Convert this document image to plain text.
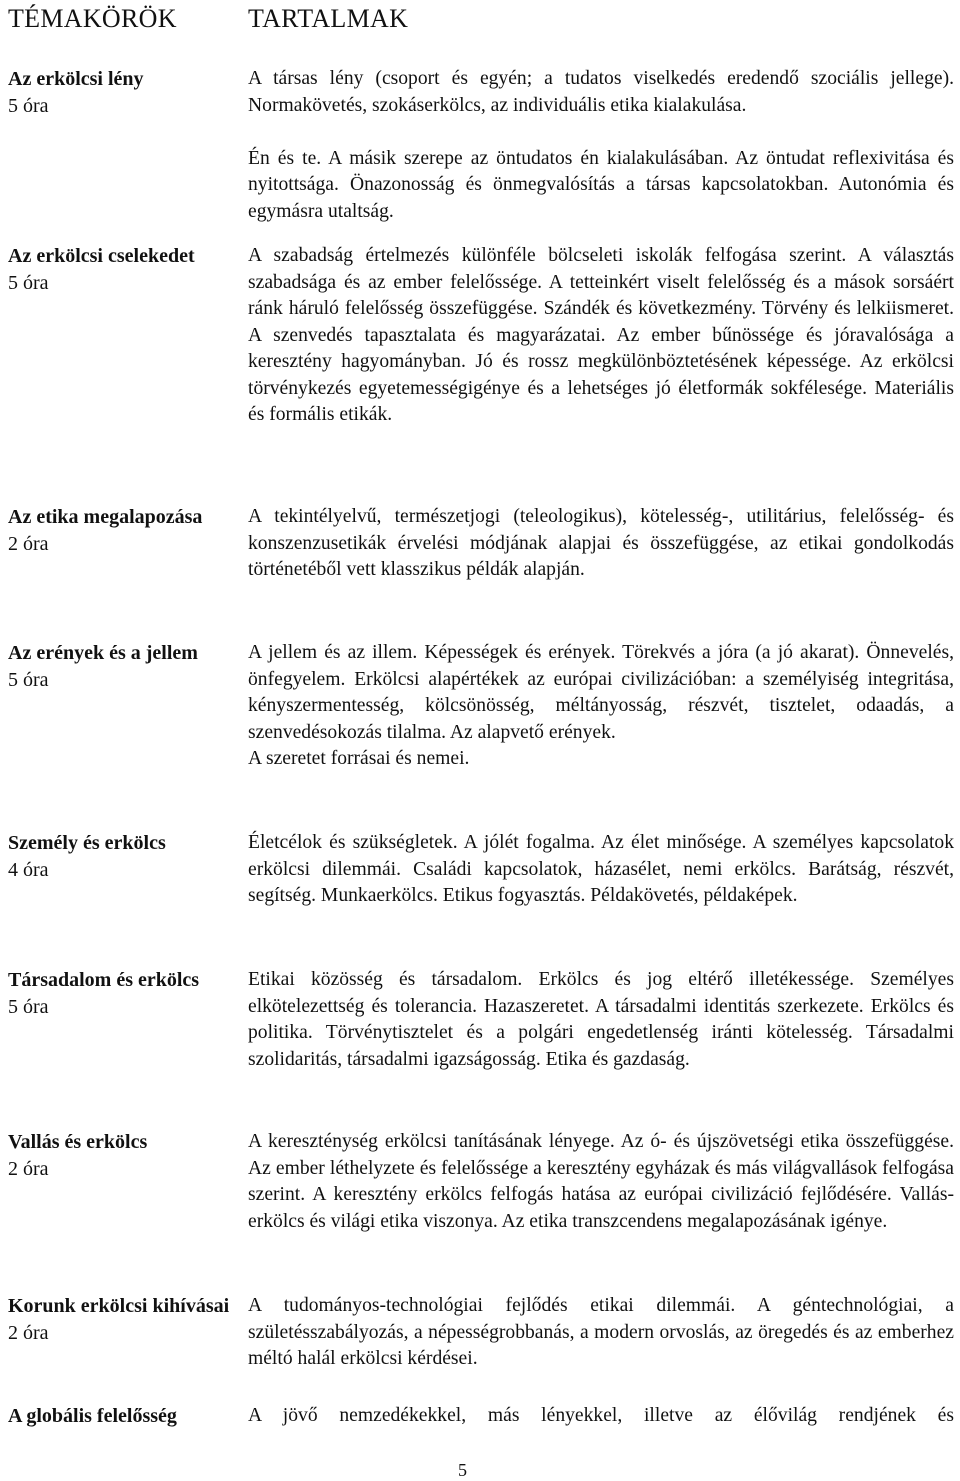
TÉMAKÖRÖK	TARTALMAK
Az erkölcsi lény
5 óra

A társas lény (csoport és egyén; a tudatos viselkedés eredendő szociális jellege). Normakövetés, szokáserkölcs, az individuális etika kialakulása.

Én és te. A másik szerepe az öntudatos én kialakulásában. Az öntudat reflexivitása és nyitottsága. Önazonosság és önmegvalósítás a társas kapcsolatokban. Autonómia és egymásra utaltság.

Az erkölcsi cselekedet
5 óra

A szabadság értelmezés különféle bölcseleti iskolák felfogása szerint. A választás szabadsága és az ember felelőssége. A tetteinkért viselt felelősség és a mások sorsáért ránk háruló felelősség összefüggése. Szándék és következmény. Törvény és lelkiismeret. A szenvedés tapasztalata és magyarázatai. Az ember bűnössége és jóravalósága a keresztény hagyományban. Jó és rossz megkülönböztetésének képessége. Az erkölcsi törvénykezés egyetemességigénye és a lehetséges jó életformák sokfélesége. Materiális és formális etikák.

Az etika megalapozása
2 óra

A tekintélyelvű, természetjogi (teleologikus), kötelesség-, utilitárius, felelősség- és konszenzusetikák érvelési módjának alapjai és összefüggése, az etikai gondolkodás történetéből vett klasszikus példák alapján.

Az erények és a jellem
5 óra

A jellem és az illem. Képességek és erények. Törekvés a jóra (a jó akarat). Önnevelés, önfegyelem. Erkölcsi alapértékek az európai civilizációban: a személyiség integritása, kényszermentesség, kölcsönösség, méltányosság, részvét, tisztelet, odaadás, a szenvedésokozás tilalma. Az alapvető erények.

A szeretet forrásai és nemei.

Személy és erkölcs
4 óra

Életcélok és szükségletek. A jólét fogalma. Az élet minősége. A személyes kapcsolatok erkölcsi dilemmái. Családi kapcsolatok, házasélet, nemi erkölcs. Barátság, részvét, segítség. Munkaerkölcs. Etikus fogyasztás. Példakövetés, példaképek.

Társadalom és erkölcs
5 óra

Etikai közösség és társadalom. Erkölcs és jog eltérő illetékessége. Személyes elkötelezettség és tolerancia. Hazaszeretet. A társadalmi identitás szerkezete. Erkölcs és politika. Törvénytisztelet és a polgári engedetlenség iránti kötelesség. Társadalmi szolidaritás, társadalmi igazságosság. Etika és gazdaság.

Vallás és erkölcs
2 óra

A kereszténység erkölcsi tanításának lényege. Az ó- és újszövetségi etika összefüggése. Az ember léthelyzete és felelőssége a keresztény egyházak és más világvallások felfogása szerint. A keresztény erkölcs felfogás hatása az európai civilizáció fejlődésére. Valláserkölcs és világi etika viszonya. Az etika transzcendens megalapozásának igénye.

Korunk erkölcsi kihívásai
2 óra

A tudományos-technológiai fejlődés etikai dilemmái. A géntechnológiai, a születésszabályozás, a népességrobbanás, a modern orvoslás, az öregedés és az emberhez méltó halál erkölcsi kérdései.

A globális felelősség	A jövő nemzedékekkel, más lényekkel, illetve az élővilág rendjének és

5
